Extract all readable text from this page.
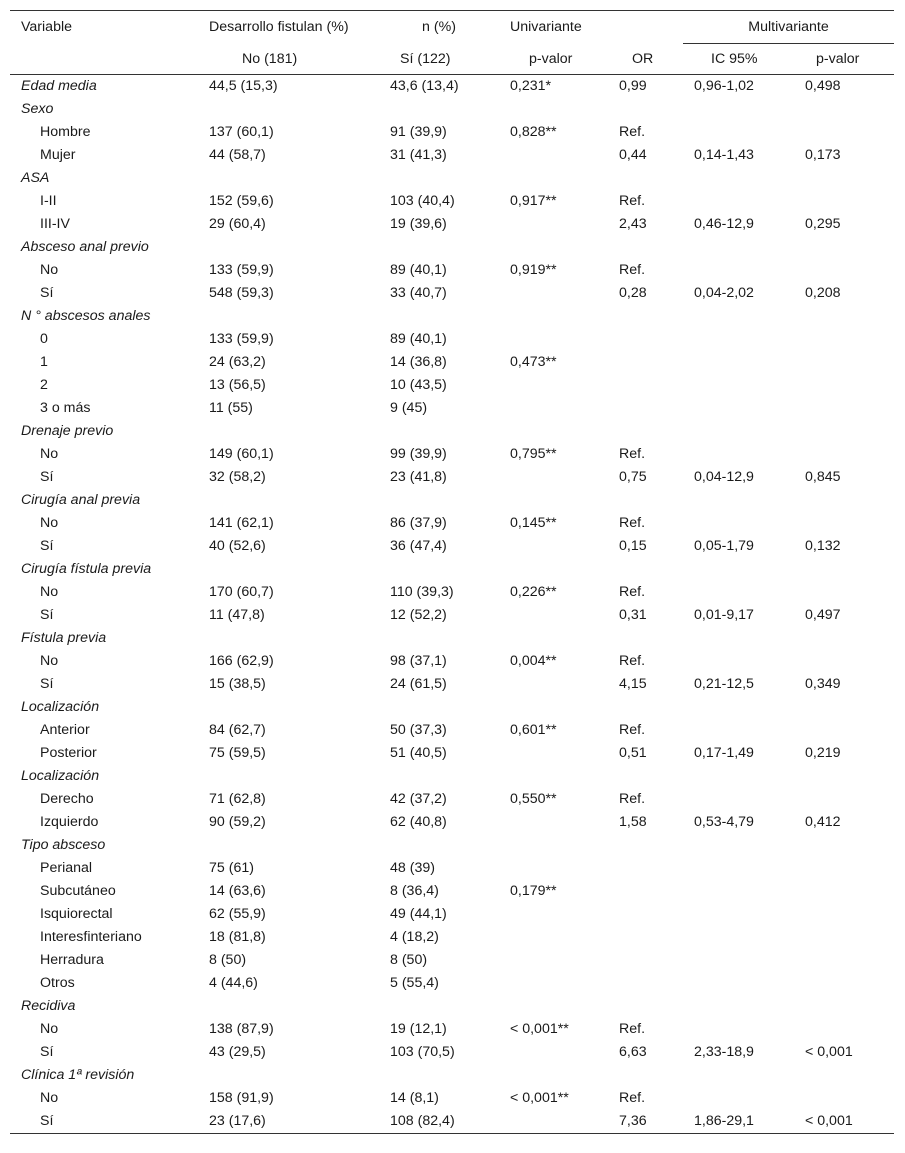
Variable	Desarrollo fistulan (%)	n (%)	Univariante		Multivariante	

	No (181)	Sí (122)	p-valor	OR	IC 95%	p-valor
Edad media	44,5 (15,3)	43,6 (13,4)	0,231*	0,99	0,96-1,02	0,498
Sexo						
Hombre	137 (60,1)	91 (39,9)	0,828**	Ref.		
Mujer	44 (58,7)	31 (41,3)		0,44	0,14-1,43	0,173
ASA						
I-II	152 (59,6)	103 (40,4)	0,917**	Ref.		
III-IV	29 (60,4)	19 (39,6)		2,43	0,46-12,9	0,295
Absceso anal previo						
No	133 (59,9)	89 (40,1)	0,919**	Ref.		
Sí	548 (59,3)	33 (40,7)		0,28	0,04-2,02	0,208
N ° abscesos anales						
0	133 (59,9)	89 (40,1)				
1	24 (63,2)	14 (36,8)	0,473**			
2	13 (56,5)	10 (43,5)				
3 o más	11 (55)	9 (45)				
Drenaje previo						
No	149 (60,1)	99 (39,9)	0,795**	Ref.		
Sí	32 (58,2)	23 (41,8)		0,75	0,04-12,9	0,845
Cirugía anal previa						
No	141 (62,1)	86 (37,9)	0,145**	Ref.		
Sí	40 (52,6)	36 (47,4)		0,15	0,05-1,79	0,132
Cirugía fístula previa						
No	170 (60,7)	110 (39,3)	0,226**	Ref.		
Sí	11 (47,8)	12 (52,2)		0,31	0,01-9,17	0,497
Fístula previa						
No	166 (62,9)	98 (37,1)	0,004**	Ref.		
Sí	15 (38,5)	24 (61,5)		4,15	0,21-12,5	0,349
Localización						
Anterior	84 (62,7)	50 (37,3)	0,601**	Ref.		
Posterior	75 (59,5)	51 (40,5)		0,51	0,17-1,49	0,219
Localización						
Derecho	71 (62,8)	42 (37,2)	0,550**	Ref.		
Izquierdo	90 (59,2)	62 (40,8)		1,58	0,53-4,79	0,412
Tipo absceso						
Perianal	75 (61)	48 (39)				
Subcutáneo	14 (63,6)	8 (36,4)	0,179**			
Isquiorectal	62 (55,9)	49 (44,1)				
Interesfinteriano	18 (81,8)	4 (18,2)				
Herradura	8 (50)	8 (50)				
Otros	4 (44,6)	5 (55,4)				
Recidiva						
No	138 (87,9)	19 (12,1)	< 0,001**	Ref.		
Sí	43 (29,5)	103 (70,5)		6,63	2,33-18,9	< 0,001
Clínica 1ª revisión						
No	158 (91,9)	14 (8,1)	< 0,001**	Ref.		
Sí	23 (17,6)	108 (82,4)		7,36	1,86-29,1	< 0,001
